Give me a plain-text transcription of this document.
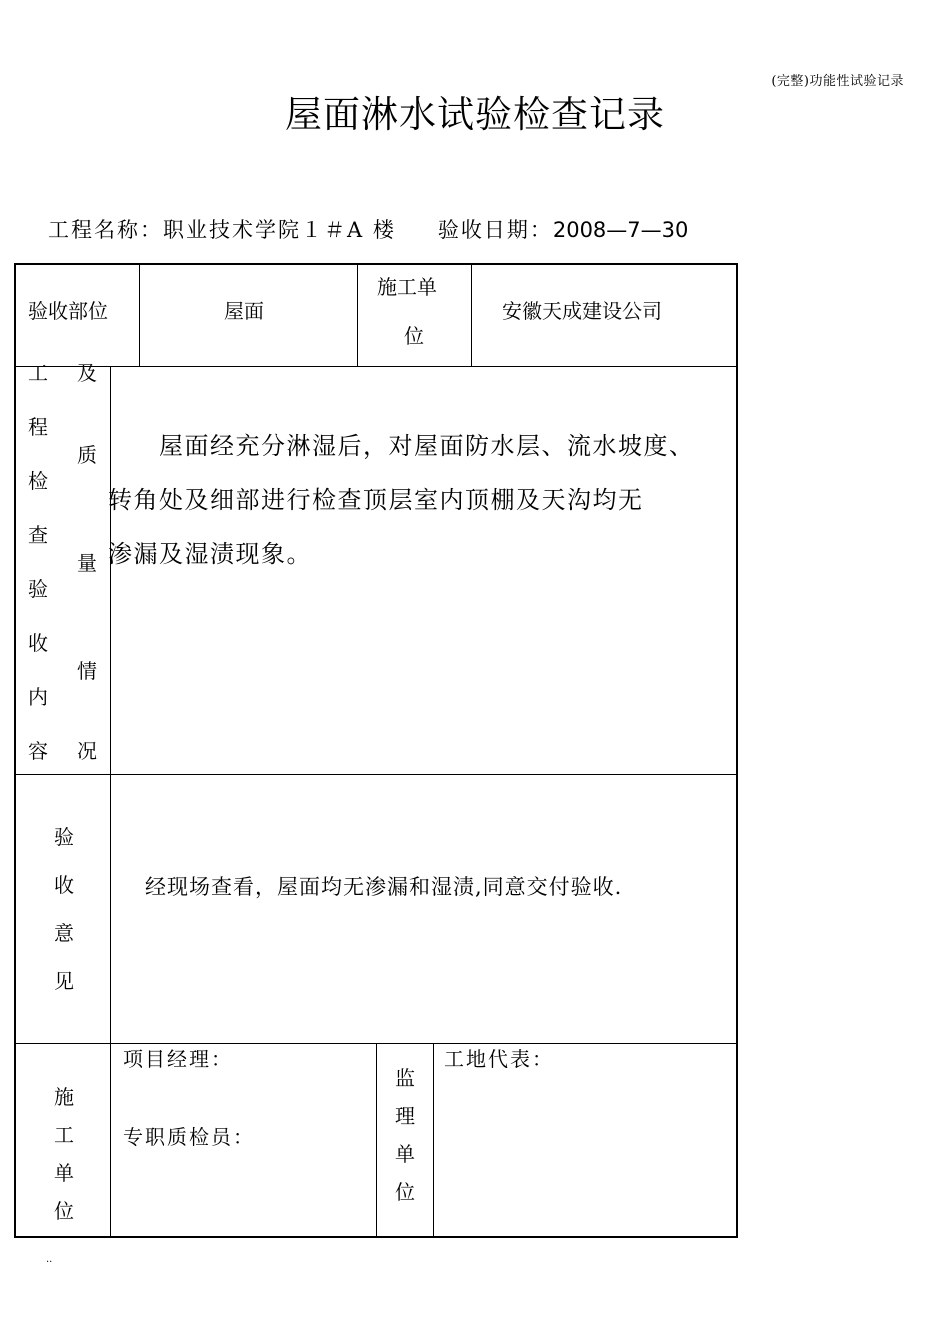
(完整)功能性试验记录
屋面淋水试验检查记录
工程名称：职业技术学院１＃A 楼 验收日期：2008—7—30
验收部位	屋面
施工单
位
安徽天成建设公司
工
程
检
查
验
收
内
容
及
质
量
情
况
验
收
意
见
经现场查看，屋面均无渗漏和湿渍,同意交付验收.
施
工
单
位
项目经理：
专职质检员：
监
理
单
位
工地代表：

　　屋面经充分淋湿后，对屋面防水层、流水坡度、

转角处及细部进行检查顶层室内顶棚及天沟均无

渗漏及湿渍现象。

..
